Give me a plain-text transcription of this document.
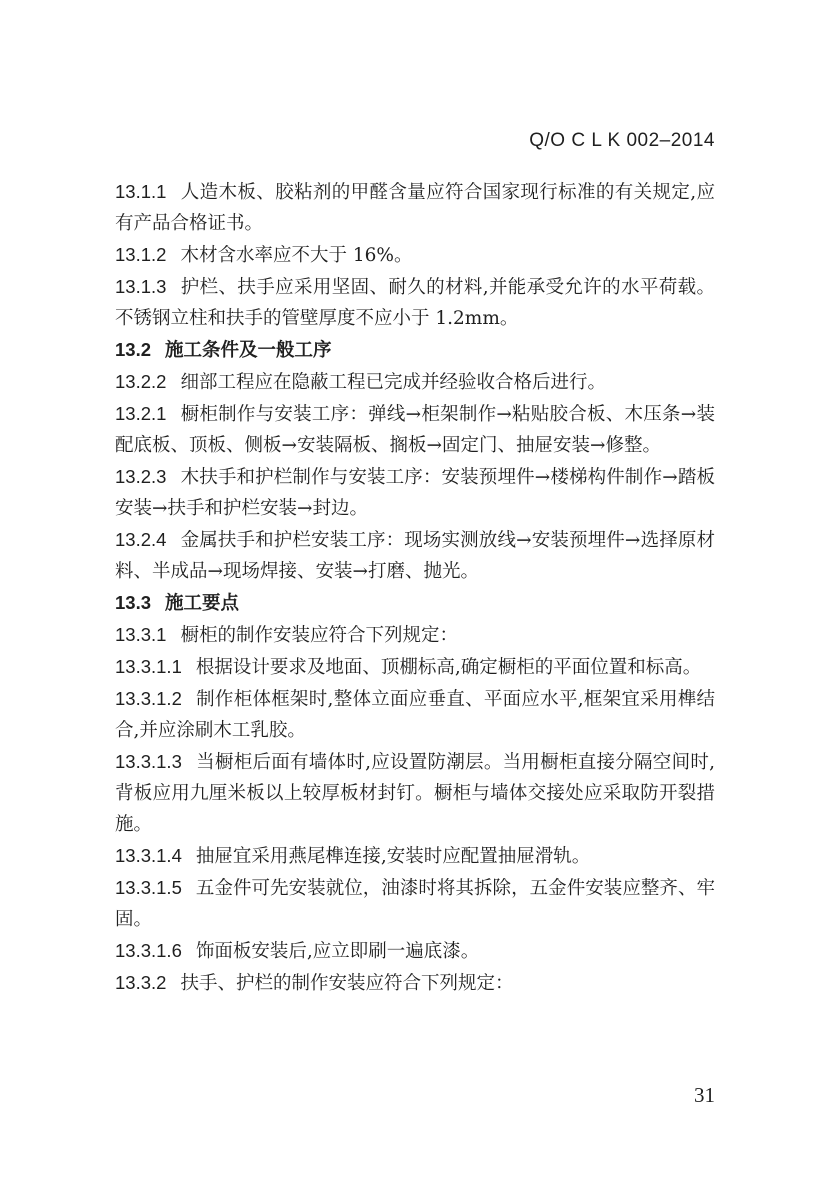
Q/O C L K 002–2014

13.1.1 人造木板、胶粘剂的甲醛含量应符合国家现行标准的有关规定,应有产品合格证书。

13.1.2 木材含水率应不大于 16%。

13.1.3 护栏、扶手应采用坚固、耐久的材料,并能承受允许的水平荷载。不锈钢立柱和扶手的管壁厚度不应小于 1.2mm。

13.2 施工条件及一般工序

13.2.2 细部工程应在隐蔽工程已完成并经验收合格后进行。

13.2.1 橱柜制作与安装工序：弹线→柜架制作→粘贴胶合板、木压条→装配底板、顶板、侧板→安装隔板、搁板→固定门、抽屉安装→修整。

13.2.3 木扶手和护栏制作与安装工序：安装预埋件→楼梯构件制作→踏板安装→扶手和护栏安装→封边。

13.2.4 金属扶手和护栏安装工序：现场实测放线→安装预埋件→选择原材料、半成品→现场焊接、安装→打磨、抛光。

13.3 施工要点

13.3.1 橱柜的制作安装应符合下列规定：

13.3.1.1 根据设计要求及地面、顶棚标高,确定橱柜的平面位置和标高。

13.3.1.2 制作柜体框架时,整体立面应垂直、平面应水平,框架宜采用榫结合,并应涂刷木工乳胶。

13.3.1.3 当橱柜后面有墙体时,应设置防潮层。当用橱柜直接分隔空间时,背板应用九厘米板以上较厚板材封钉。橱柜与墙体交接处应采取防开裂措施。

13.3.1.4 抽屉宜采用燕尾榫连接,安装时应配置抽屉滑轨。

13.3.1.5 五金件可先安装就位，油漆时将其拆除，五金件安装应整齐、牢固。

13.3.1.6 饰面板安装后,应立即刷一遍底漆。

13.3.2 扶手、护栏的制作安装应符合下列规定：

31
